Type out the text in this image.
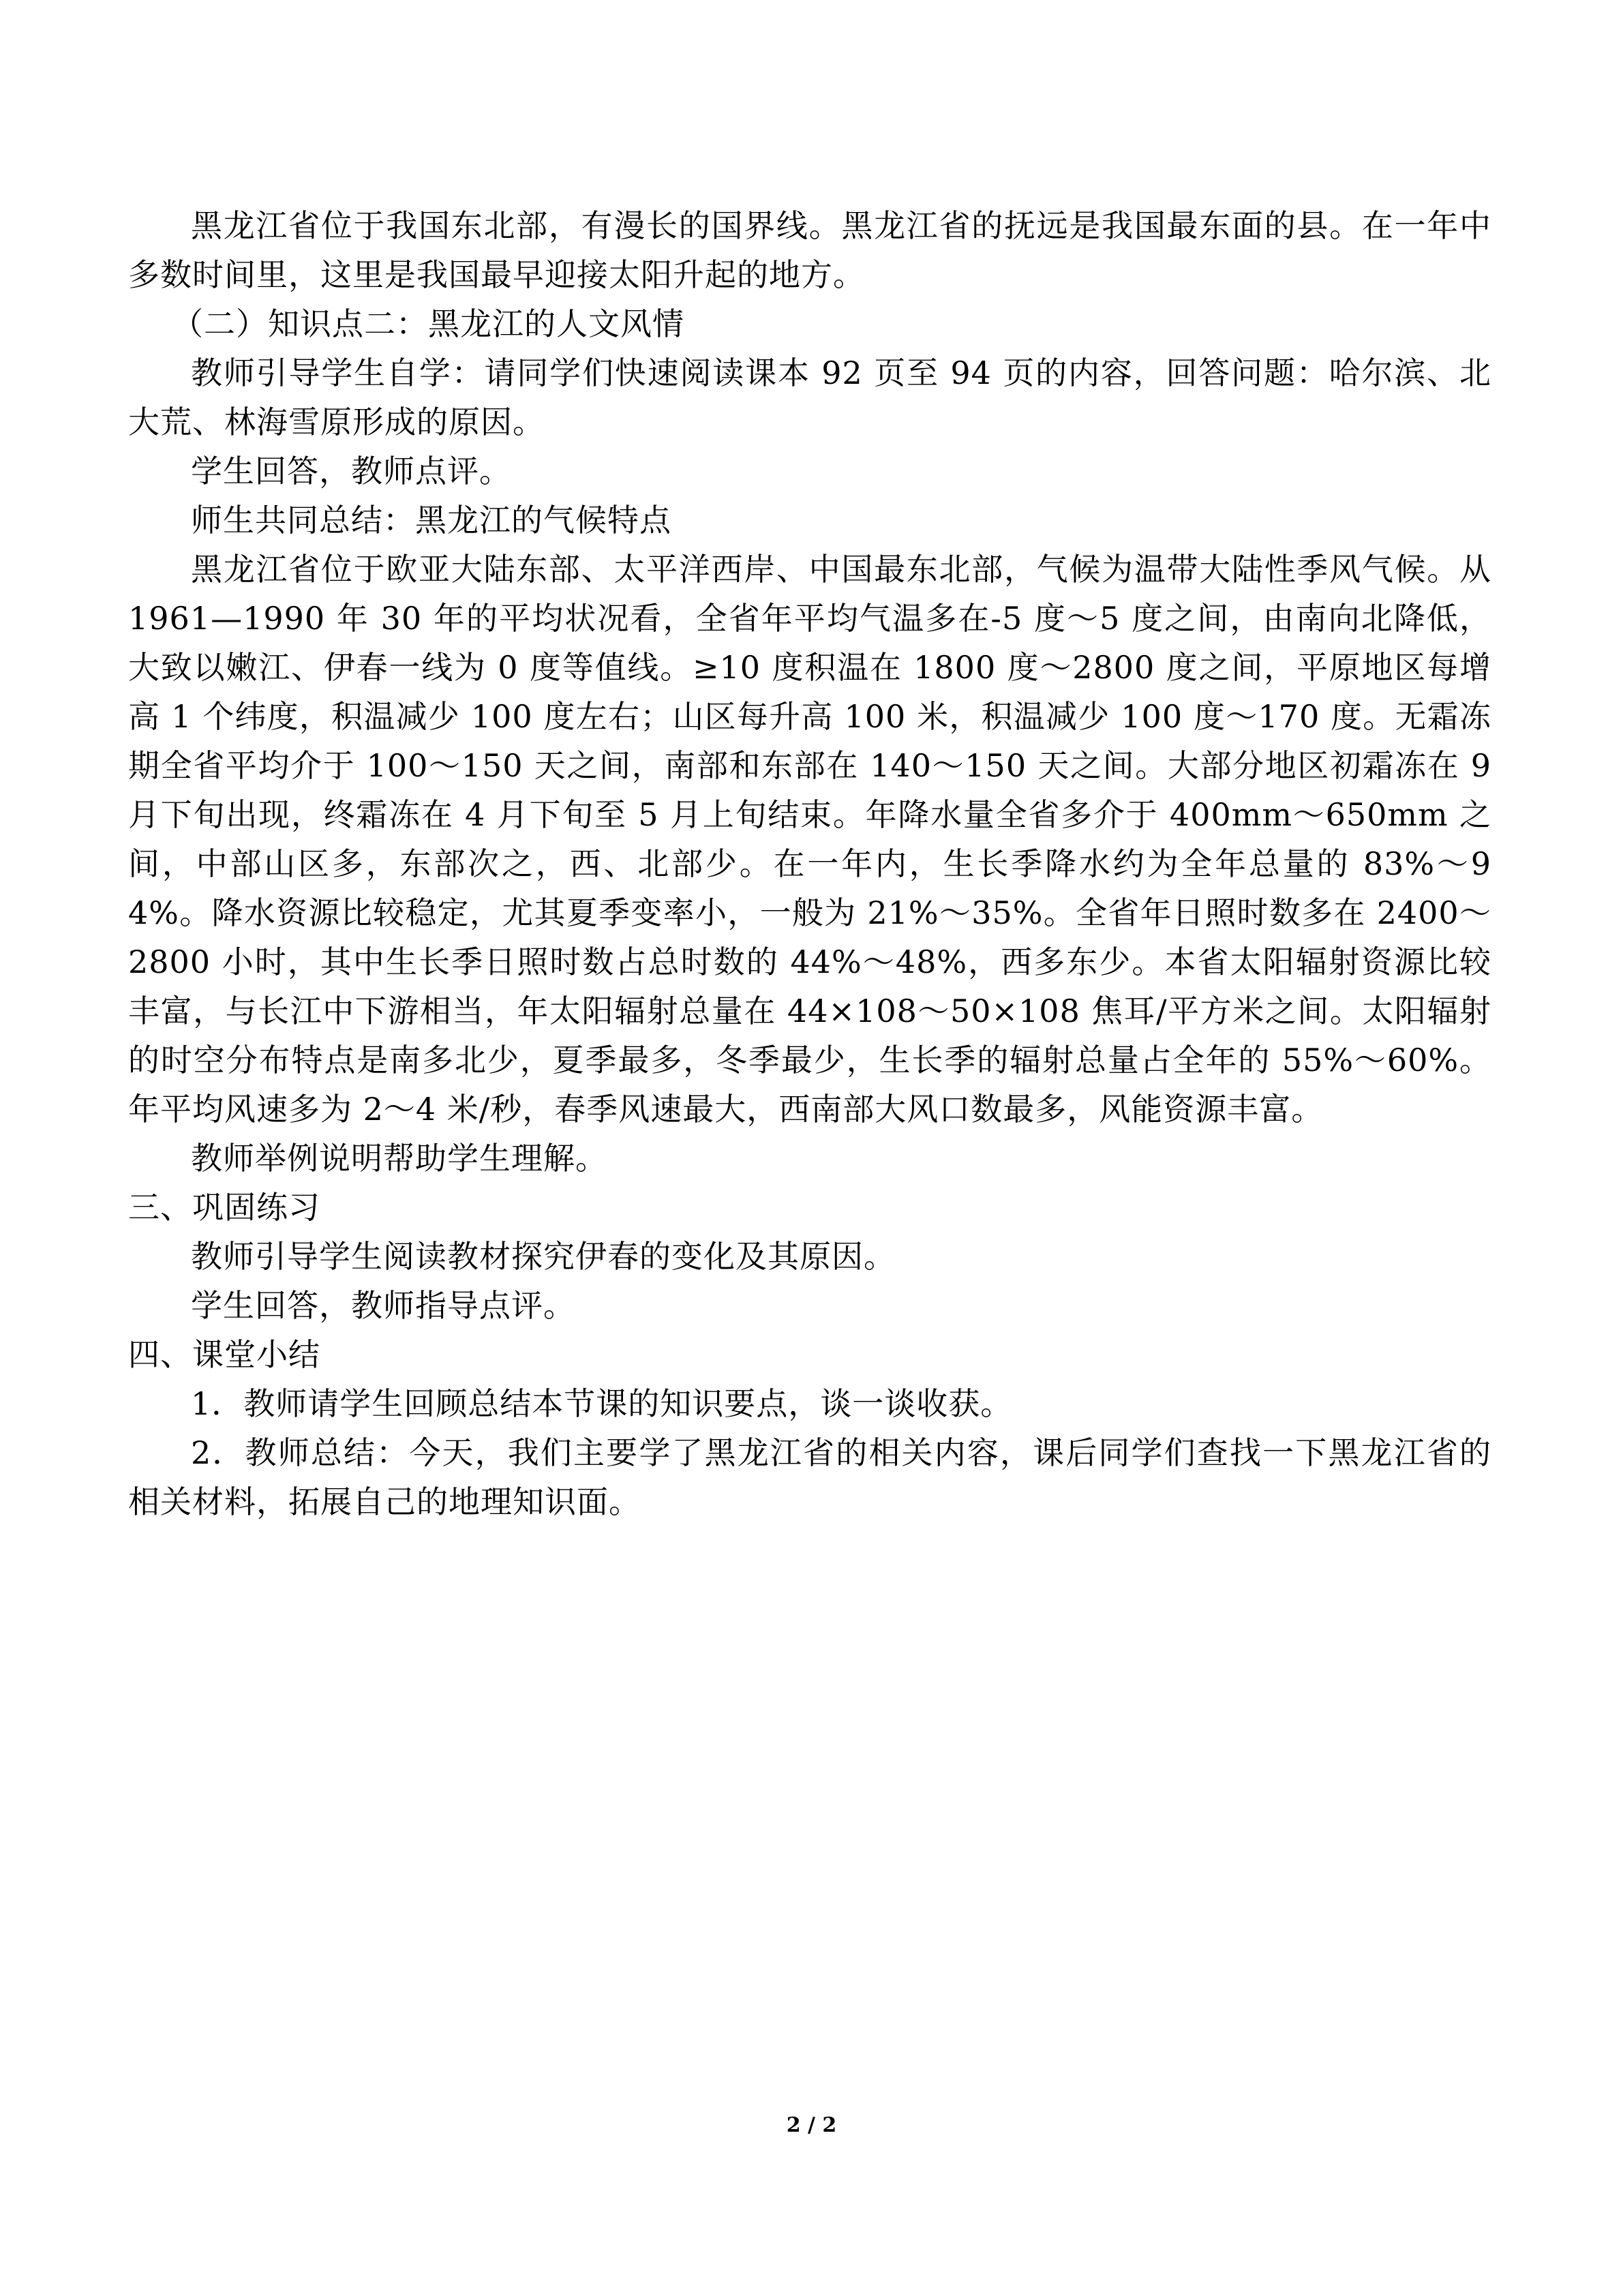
黑龙江省位于我国东北部，有漫长的国界线。黑龙江省的抚远是我国最东面的县。在一年中多数时间里，这里是我国最早迎接太阳升起的地方。

（二）知识点二：黑龙江的人文风情

教师引导学生自学：请同学们快速阅读课本 92 页至 94 页的内容，回答问题：哈尔滨、北大荒、林海雪原形成的原因。

学生回答，教师点评。

师生共同总结：黑龙江的气候特点

黑龙江省位于欧亚大陆东部、太平洋西岸、中国最东北部，气候为温带大陆性季风气候。从 1961—1990 年 30 年的平均状况看，全省年平均气温多在-5 度～5 度之间，由南向北降低，大致以嫩江、伊春一线为 0 度等值线。≥10 度积温在 1800 度～2800 度之间，平原地区每增高 1 个纬度，积温减少 100 度左右；山区每升高 100 米，积温减少 100 度～170 度。无霜冻期全省平均介于 100～150 天之间，南部和东部在 140～150 天之间。大部分地区初霜冻在 9 月下旬出现，终霜冻在 4 月下旬至 5 月上旬结束。年降水量全省多介于 400mm～650mm 之间，中部山区多，东部次之，西、北部少。在一年内，生长季降水约为全年总量的 83%～94%。降水资源比较稳定，尤其夏季变率小，一般为 21%～35%。全省年日照时数多在 2400～2800 小时，其中生长季日照时数占总时数的 44%～48%，西多东少。本省太阳辐射资源比较丰富，与长江中下游相当，年太阳辐射总量在 44×108～50×108 焦耳/平方米之间。太阳辐射的时空分布特点是南多北少，夏季最多，冬季最少，生长季的辐射总量占全年的 55%～60%。年平均风速多为 2～4 米/秒，春季风速最大，西南部大风口数最多，风能资源丰富。

教师举例说明帮助学生理解。

三、巩固练习

教师引导学生阅读教材探究伊春的变化及其原因。

学生回答，教师指导点评。

四、课堂小结

1．教师请学生回顾总结本节课的知识要点，谈一谈收获。

2．教师总结：今天，我们主要学了黑龙江省的相关内容，课后同学们查找一下黑龙江省的相关材料，拓展自己的地理知识面。

2 / 2
